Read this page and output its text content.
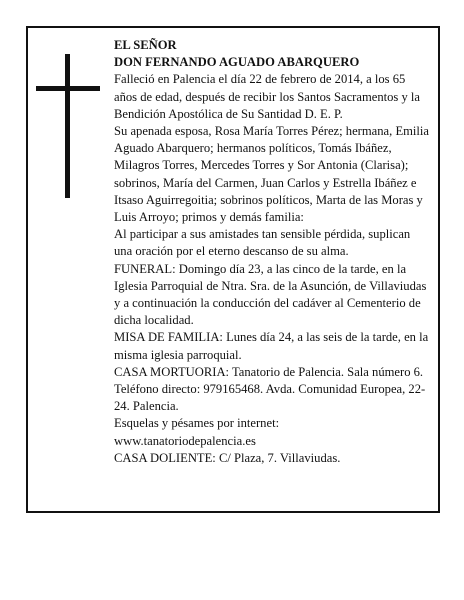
EL SEÑOR

DON FERNANDO AGUADO ABARQUERO

Falleció en Palencia el día 22 de febrero de 2014, a los 65 años de edad, después de recibir los Santos Sacramentos y la Bendición Apostólica de Su Santidad D. E. P.

Su apenada esposa, Rosa María Torres Pérez; hermana, Emilia Aguado Abarquero; hermanos políticos, Tomás Ibáñez, Milagros Torres, Mercedes Torres y Sor Antonia (Clarisa); sobrinos, María del Carmen, Juan Carlos y Estrella Ibáñez e Itsaso Aguirregoitia; sobrinos políticos, Marta de las Moras y Luis Arroyo; primos y demás familia:

Al participar a sus amistades tan sensible pérdida, suplican una oración por el eterno descanso de su alma.

FUNERAL: Domingo día 23, a las cinco de la tarde, en la Iglesia Parroquial de Ntra. Sra. de la Asunción, de Villaviudas y a continuación la conducción del cadáver al Cementerio de dicha localidad.

MISA DE FAMILIA: Lunes día 24, a las seis de la tarde, en la misma iglesia parroquial.

CASA MORTUORIA: Tanatorio de Palencia. Sala número 6. Teléfono directo: 979165468. Avda. Comunidad Europea, 22-24. Palencia.

Esquelas y pésames por internet:

www.tanatoriodepalencia.es

CASA DOLIENTE: C/ Plaza, 7. Villaviudas.
